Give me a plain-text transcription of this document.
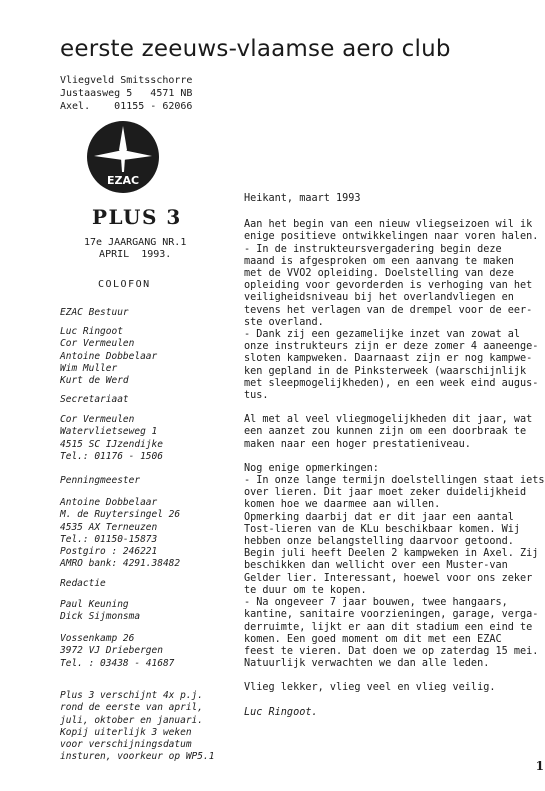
eerste zeeuws-vlaamse aero club
Vliegveld Smitsschorre
Justaasweg 5   4571 NB
Axel.    01155 - 62066
EZAC
PLUS 3
17e JAARGANG NR.1
APRIL  1993.
COLOFON
EZAC Bestuur
Luc Ringoot
Cor Vermeulen
Antoine Dobbelaar
Wim Muller
Kurt de Werd
Secretariaat
Cor Vermeulen
Watervlietseweg 1
4515 SC IJzendijke
Tel.: 01176 - 1506
Penningmeester
Antoine Dobbelaar
M. de Ruytersingel 26
4535 AX Terneuzen
Tel.: 01150-15873
Postgiro : 246221
AMRO bank: 4291.38482
Redactie
Paul Keuning
Dick Sijmonsma
Vossenkamp 26
3972 VJ Driebergen
Tel. : 03438 - 41687
Plus 3 verschijnt 4x p.j.
rond de eerste van april,
juli, oktober en januari.
Kopij uiterlijk 3 weken
voor verschijningsdatum
insturen, voorkeur op WP5.1

Heikant, maart 1993

Aan het begin van een nieuw vliegseizoen wil ik
enige positieve ontwikkelingen naar voren halen.
- In de instrukteursvergadering begin deze
maand is afgesproken om een aanvang te maken
met de VVO2 opleiding. Doelstelling van deze
opleiding voor gevorderden is verhoging van het
veiligheidsniveau bij het overlandvliegen en
tevens het verlagen van de drempel voor de eer-
ste overland.
- Dank zij een gezamelijke inzet van zowat al
onze instrukteurs zijn er deze zomer 4 aaneenge-
sloten kampweken. Daarnaast zijn er nog kampwe-
ken gepland in de Pinksterweek (waarschijnlijk
met sleepmogelijkheden), en een week eind augus-
tus.

Al met al veel vliegmogelijkheden dit jaar, wat
een aanzet zou kunnen zijn om een doorbraak te
maken naar een hoger prestatieniveau.

Nog enige opmerkingen:
- In onze lange termijn doelstellingen staat iets
over lieren. Dit jaar moet zeker duidelijkheid
komen hoe we daarmee aan willen.
Opmerking daarbij dat er dit jaar een aantal
Tost-lieren van de KLu beschikbaar komen. Wij
hebben onze belangstelling daarvoor getoond.
Begin juli heeft Deelen 2 kampweken in Axel. Zij
beschikken dan wellicht over een Muster-van
Gelder lier. Interessant, hoewel voor ons zeker
te duur om te kopen.
- Na ongeveer 7 jaar bouwen, twee hangaars,
kantine, sanitaire voorzieningen, garage, verga-
derruimte, lijkt er aan dit stadium een eind te
komen. Een goed moment om dit met een EZAC
feest te vieren. Dat doen we op zaterdag 15 mei.
Natuurlijk verwachten we dan alle leden.

Vlieg lekker, vlieg veel en vlieg veilig.

Luc Ringoot.

1
